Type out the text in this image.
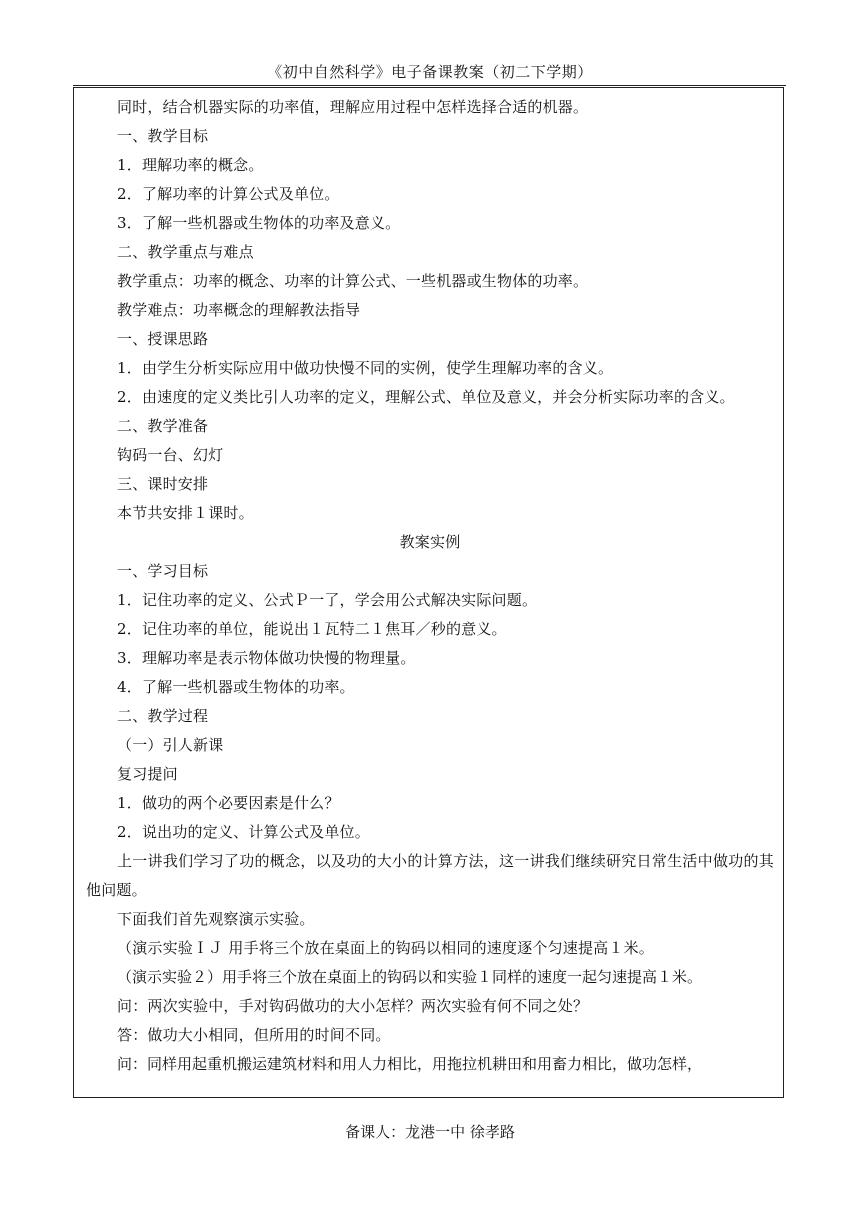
《初中自然科学》电子备课教案（初二下学期）
同时，结合机器实际的功率值，理解应用过程中怎样选择合适的机器。
一、教学目标
1．理解功率的概念。
2．了解功率的计算公式及单位。
3．了解一些机器或生物体的功率及意义。
二、教学重点与难点
教学重点：功率的概念、功率的计算公式、一些机器或生物体的功率。
教学难点：功率概念的理解教法指导
一、授课思路
1．由学生分析实际应用中做功快慢不同的实例，使学生理解功率的含义。
2．由速度的定义类比引人功率的定义，理解公式、单位及意义，并会分析实际功率的含义。
二、教学准备
钩码一台、幻灯
三、课时安排
本节共安排１课时。
教案实例
一、学习目标
1．记住功率的定义、公式Ｐ一了，学会用公式解决实际问题。
2．记住功率的单位，能说出１瓦特二１焦耳／秒的意义。
3．理解功率是表示物体做功快慢的物理量。
4．了解一些机器或生物体的功率。
二、教学过程
（一）引人新课
复习提问
1．做功的两个必要因素是什么？
2．说出功的定义、计算公式及单位。
上一讲我们学习了功的概念，以及功的大小的计算方法，这一讲我们继续研究日常生活中做功的其他问题。
下面我们首先观察演示实验。
（演示实验ＩＪ 用手将三个放在桌面上的钩码以相同的速度逐个匀速提高１米。
（演示实验２）用手将三个放在桌面上的钩码以和实验１同样的速度一起匀速提高１米。
问：两次实验中，手对钩码做功的大小怎样？两次实验有何不同之处？
答：做功大小相同，但所用的时间不同。
问：同样用起重机搬运建筑材料和用人力相比，用拖拉机耕田和用畜力相比，做功怎样，
备课人：龙港一中 徐孝路
